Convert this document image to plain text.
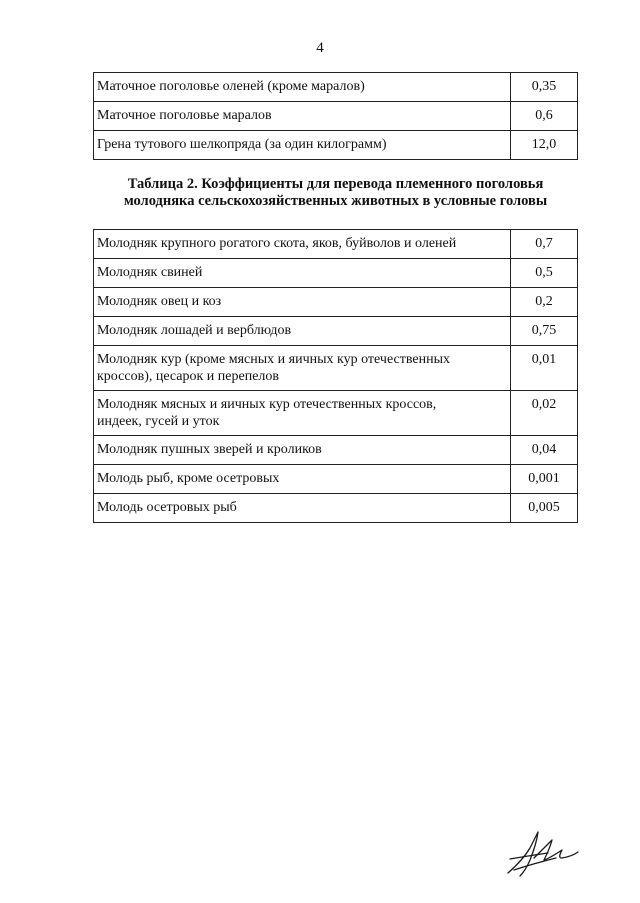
4
Маточное поголовье оленей (кроме маралов)	0,35
Маточное поголовье маралов	0,6
Грена тутового шелкопряда (за один килограмм)	12,0
Таблица 2. Коэффициенты для перевода племенного поголовья
молодняка сельскохозяйственных животных в условные головы
Молодняк крупного рогатого скота, яков, буйволов и оленей	0,7
Молодняк свиней	0,5
Молодняк овец и коз	0,2
Молодняк лошадей и верблюдов	0,75

Молодняк кур (кроме мясных и яичных кур отечественных
кроссов), цесарок и перепелов	0,01

Молодняк мясных и яичных кур отечественных кроссов,
индеек, гусей и уток	0,02
Молодняк пушных зверей и кроликов	0,04
Молодь рыб, кроме осетровых	0,001
Молодь осетровых рыб	0,005
